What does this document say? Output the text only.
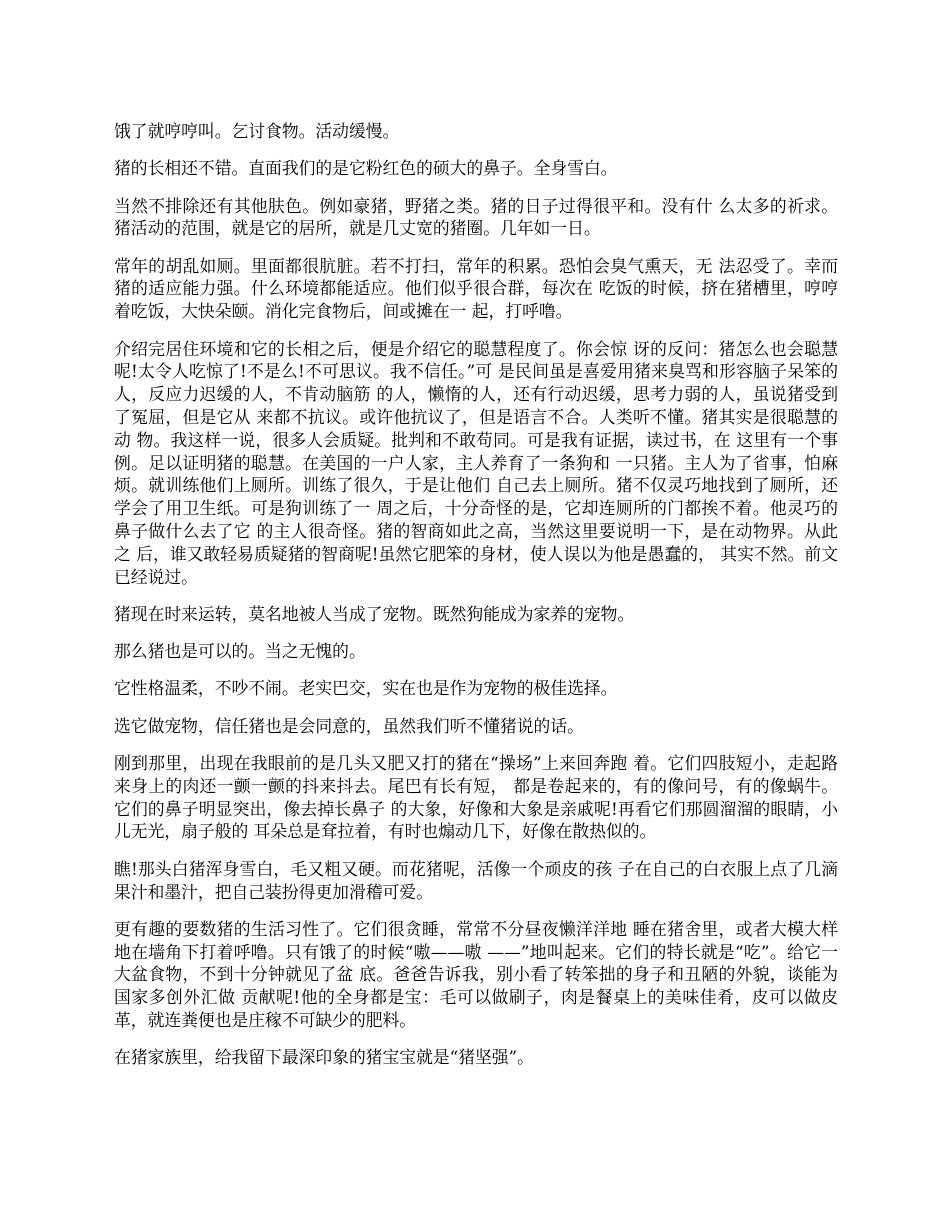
饿了就哼哼叫。乞讨食物。活动缓慢。

猪的长相还不错。直面我们的是它粉红色的硕大的鼻子。全身雪白。

当然不排除还有其他肤色。例如豪猪，野猪之类。猪的日子过得很平和。没有什 么太多的祈求。猪活动的范围，就是它的居所，就是几丈宽的猪圈。几年如一日。

常年的胡乱如厕。里面都很肮脏。若不打扫，常年的积累。恐怕会臭气熏天，无 法忍受了。幸而猪的适应能力强。什么环境都能适应。他们似乎很合群，每次在 吃饭的时候，挤在猪槽里，哼哼着吃饭，大快朵颐。消化完食物后，间或摊在一 起，打呼噜。

介绍完居住环境和它的长相之后，便是介绍它的聪慧程度了。你会惊 讶的反问：猪怎么也会聪慧呢!太令人吃惊了!不是么!不可思议。我不信任。”可 是民间虽是喜爱用猪来臭骂和形容脑子呆笨的人，反应力迟缓的人，不肯动脑筋 的人，懒惰的人，还有行动迟缓，思考力弱的人，虽说猪受到了冤屈，但是它从 来都不抗议。或许他抗议了，但是语言不合。人类听不懂。猪其实是很聪慧的动 物。我这样一说，很多人会质疑。批判和不敢苟同。可是我有证据，读过书，在 这里有一个事例。足以证明猪的聪慧。在美国的一户人家，主人养育了一条狗和 一只猪。主人为了省事，怕麻烦。就训练他们上厕所。训练了很久，于是让他们 自己去上厕所。猪不仅灵巧地找到了厕所，还学会了用卫生纸。可是狗训练了一 周之后，十分奇怪的是，它却连厕所的门都挨不着。他灵巧的鼻子做什么去了它 的主人很奇怪。猪的智商如此之高，当然这里要说明一下，是在动物界。从此之 后，谁又敢轻易质疑猪的智商呢!虽然它肥笨的身材，使人误以为他是愚蠢的， 其实不然。前文已经说过。

猪现在时来运转，莫名地被人当成了宠物。既然狗能成为家养的宠物。

那么猪也是可以的。当之无愧的。

它性格温柔，不吵不闹。老实巴交，实在也是作为宠物的极佳选择。

选它做宠物，信任猪也是会同意的，虽然我们听不懂猪说的话。

刚到那里，出现在我眼前的是几头又肥又打的猪在“操场”上来回奔跑 着。它们四肢短小，走起路来身上的肉还一颤一颤的抖来抖去。尾巴有长有短， 都是卷起来的，有的像问号，有的像蜗牛。它们的鼻子明显突出，像去掉长鼻子 的大象，好像和大象是亲戚呢!再看它们那圆溜溜的眼睛，小儿无光，扇子般的 耳朵总是耷拉着，有时也煽动几下，好像在散热似的。

瞧!那头白猪浑身雪白，毛又粗又硬。而花猪呢，活像一个顽皮的孩 子在自己的白衣服上点了几滴果汁和墨汁，把自己装扮得更加滑稽可爱。

更有趣的要数猪的生活习性了。它们很贪睡，常常不分昼夜懒洋洋地 睡在猪舍里，或者大模大样地在墙角下打着呼噜。只有饿了的时候“嗷——嗷 ——”地叫起来。它们的特长就是“吃”。给它一大盆食物，不到十分钟就见了盆 底。爸爸告诉我，别小看了转笨拙的身子和丑陋的外貌，谈能为国家多创外汇做 贡献呢!他的全身都是宝：毛可以做刷子，肉是餐桌上的美味佳肴，皮可以做皮 革，就连粪便也是庄稼不可缺少的肥料。

在猪家族里，给我留下最深印象的猪宝宝就是“猪坚强”。
